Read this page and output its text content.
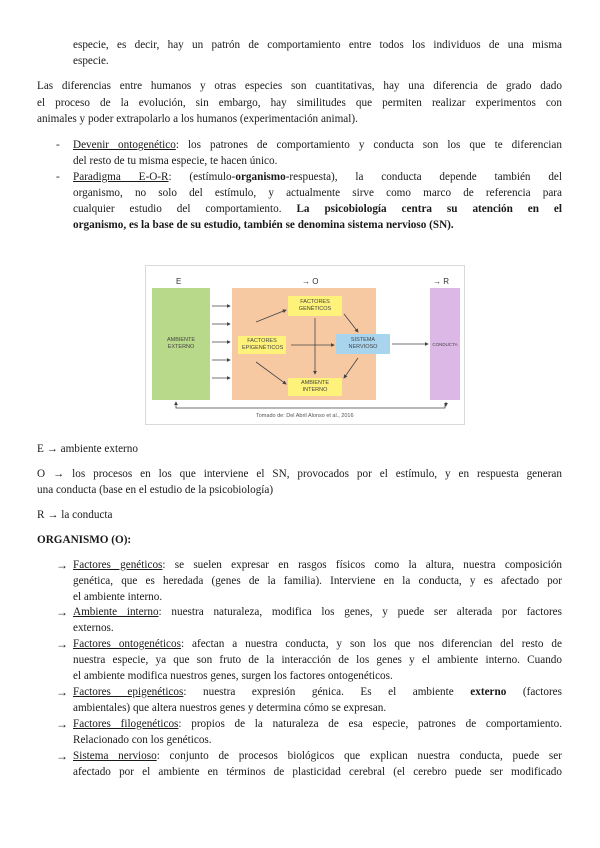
especie, es decir, hay un patrón de comportamiento entre todos los individuos de una misma
especie.
Las diferencias entre humanos y otras especies son cuantitativas, hay una diferencia de grado dado
el proceso de la evolución, sin embargo, hay similitudes que permiten realizar experimentos con
animales y poder extrapolarlo a los humanos (experimentación animal).
- Devenir ontogenético: los patrones de comportamiento y conducta son los que te diferencian
del resto de tu misma especie, te hacen único.
- Paradigma E-O-R: (estímulo-organismo-respuesta), la conducta depende también del
organismo, no solo del estímulo, y actualmente sirve como marco de referencia para
cualquier estudio del comportamiento. La psicobiología centra su atención en el
organismo, es la base de su estudio, también se denomina sistema nervioso (SN).
E	→ O	→ R
AMBIENTE EXTERNO	CONDUCTA
FACTORES GENÉTICOS
FACTORES EPIGENÉTICOS
SISTEMA NERVIOSO
AMBIENTE INTERNO
Tomado de: Del Abril Alonso et al., 2016
E → ambiente externo
O → los procesos en los que interviene el SN, provocados por el estímulo, y en respuesta generan
una conducta (base en el estudio de la psicobiología)
R → la conducta
ORGANISMO (O):
→ Factores genéticos: se suelen expresar en rasgos físicos como la altura, nuestra composición
genética, que es heredada (genes de la familia). Interviene en la conducta, y es afectado por
el ambiente interno.
→ Ambiente interno: nuestra naturaleza, modifica los genes, y puede ser alterada por factores
externos.
→ Factores ontogenéticos: afectan a nuestra conducta, y son los que nos diferencian del resto de
nuestra especie, ya que son fruto de la interacción de los genes y el ambiente interno. Cuando
el ambiente modifica nuestros genes, surgen los factores ontogenéticos.
→ Factores epigenéticos: nuestra expresión génica. Es el ambiente externo (factores
ambientales) que altera nuestros genes y determina cómo se expresan.
→ Factores filogenéticos: propios de la naturaleza de esa especie, patrones de comportamiento.
Relacionado con los genéticos.
→ Sistema nervioso: conjunto de procesos biológicos que explican nuestra conducta, puede ser
afectado por el ambiente en términos de plasticidad cerebral (el cerebro puede ser modificado
